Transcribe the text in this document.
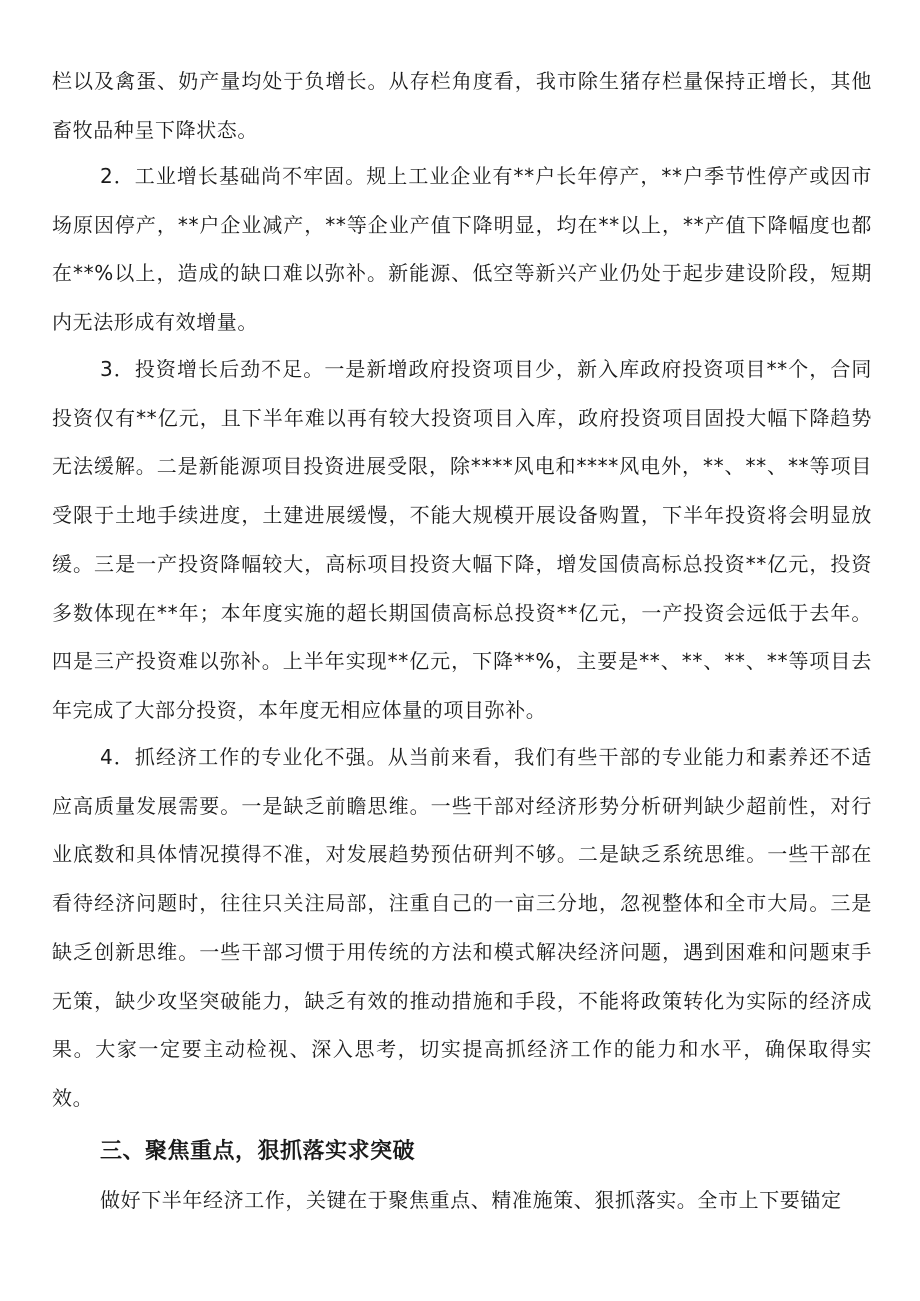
栏以及禽蛋、奶产量均处于负增长。从存栏角度看，我市除生猪存栏量保持正增长，其他畜牧品种呈下降状态。

2．工业增长基础尚不牢固。规上工业企业有**户长年停产，**户季节性停产或因市场原因停产，**户企业减产，**等企业产值下降明显，均在**以上，**产值下降幅度也都在**%以上，造成的缺口难以弥补。新能源、低空等新兴产业仍处于起步建设阶段，短期内无法形成有效增量。

3．投资增长后劲不足。一是新增政府投资项目少，新入库政府投资项目**个，合同投资仅有**亿元，且下半年难以再有较大投资项目入库，政府投资项目固投大幅下降趋势无法缓解。二是新能源项目投资进展受限，除****风电和****风电外，**、**、**等项目受限于土地手续进度，土建进展缓慢，不能大规模开展设备购置，下半年投资将会明显放缓。三是一产投资降幅较大，高标项目投资大幅下降，增发国债高标总投资**亿元，投资多数体现在**年；本年度实施的超长期国债高标总投资**亿元，一产投资会远低于去年。四是三产投资难以弥补。上半年实现**亿元，下降**%，主要是**、**、**、**等项目去年完成了大部分投资，本年度无相应体量的项目弥补。

4．抓经济工作的专业化不强。从当前来看，我们有些干部的专业能力和素养还不适应高质量发展需要。一是缺乏前瞻思维。一些干部对经济形势分析研判缺少超前性，对行业底数和具体情况摸得不准，对发展趋势预估研判不够。二是缺乏系统思维。一些干部在看待经济问题时，往往只关注局部，注重自己的一亩三分地，忽视整体和全市大局。三是缺乏创新思维。一些干部习惯于用传统的方法和模式解决经济问题，遇到困难和问题束手无策，缺少攻坚突破能力，缺乏有效的推动措施和手段，不能将政策转化为实际的经济成果。大家一定要主动检视、深入思考，切实提高抓经济工作的能力和水平，确保取得实效。

三、聚焦重点，狠抓落实求突破

做好下半年经济工作，关键在于聚焦重点、精准施策、狠抓落实。全市上下要锚定
